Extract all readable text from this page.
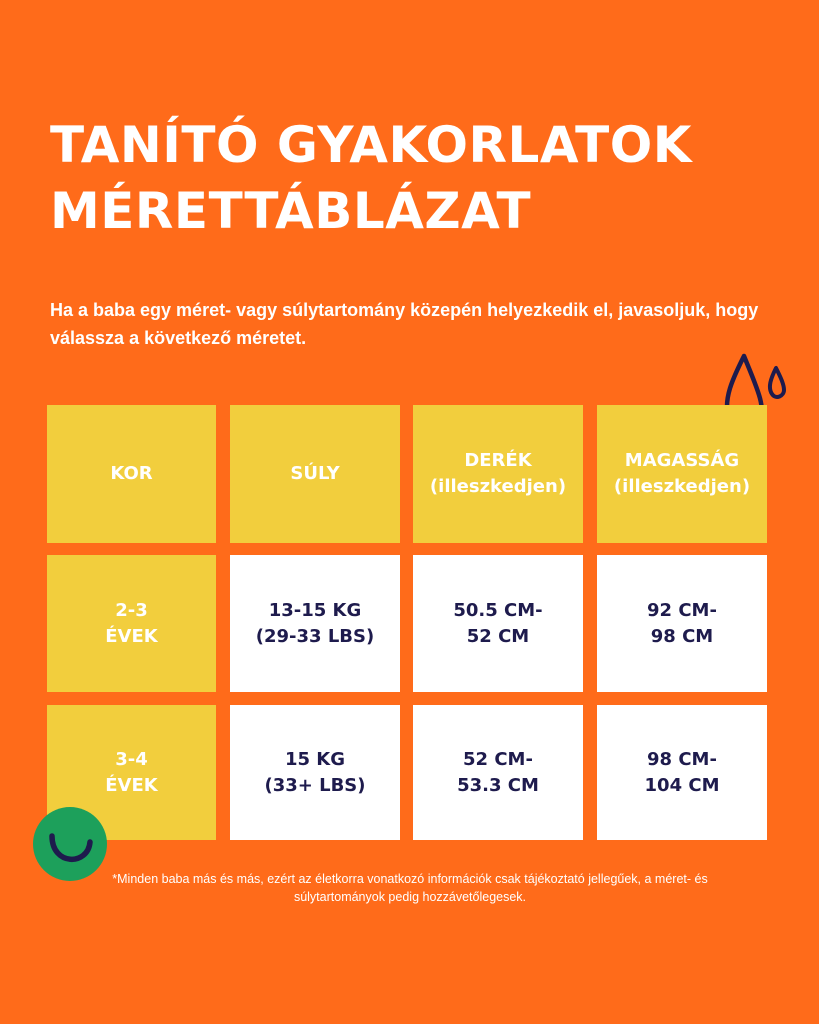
TANÍTÓ GYAKORLATOK
MÉRETTÁBLÁZAT

Ha a baba egy méret- vagy súlytartomány közepén helyezkedik el, javasoljuk, hogy válassza a következő méretet.

KOR	SÚLY
DERÉK
(illeszkedjen)
MAGASSÁG
(illeszkedjen)
2-3
ÉVEK
13-15 KG
(29-33 LBS)
50.5 CM-
52 CM
92 CM-
98 CM
3-4
ÉVEK
15 KG
(33+ LBS)
52 CM-
53.3 CM
98 CM-
104 CM

*Minden baba más és más, ezért az életkorra vonatkozó információk csak tájékoztató jellegűek, a méret- és súlytartományok pedig hozzávetőlegesek.
